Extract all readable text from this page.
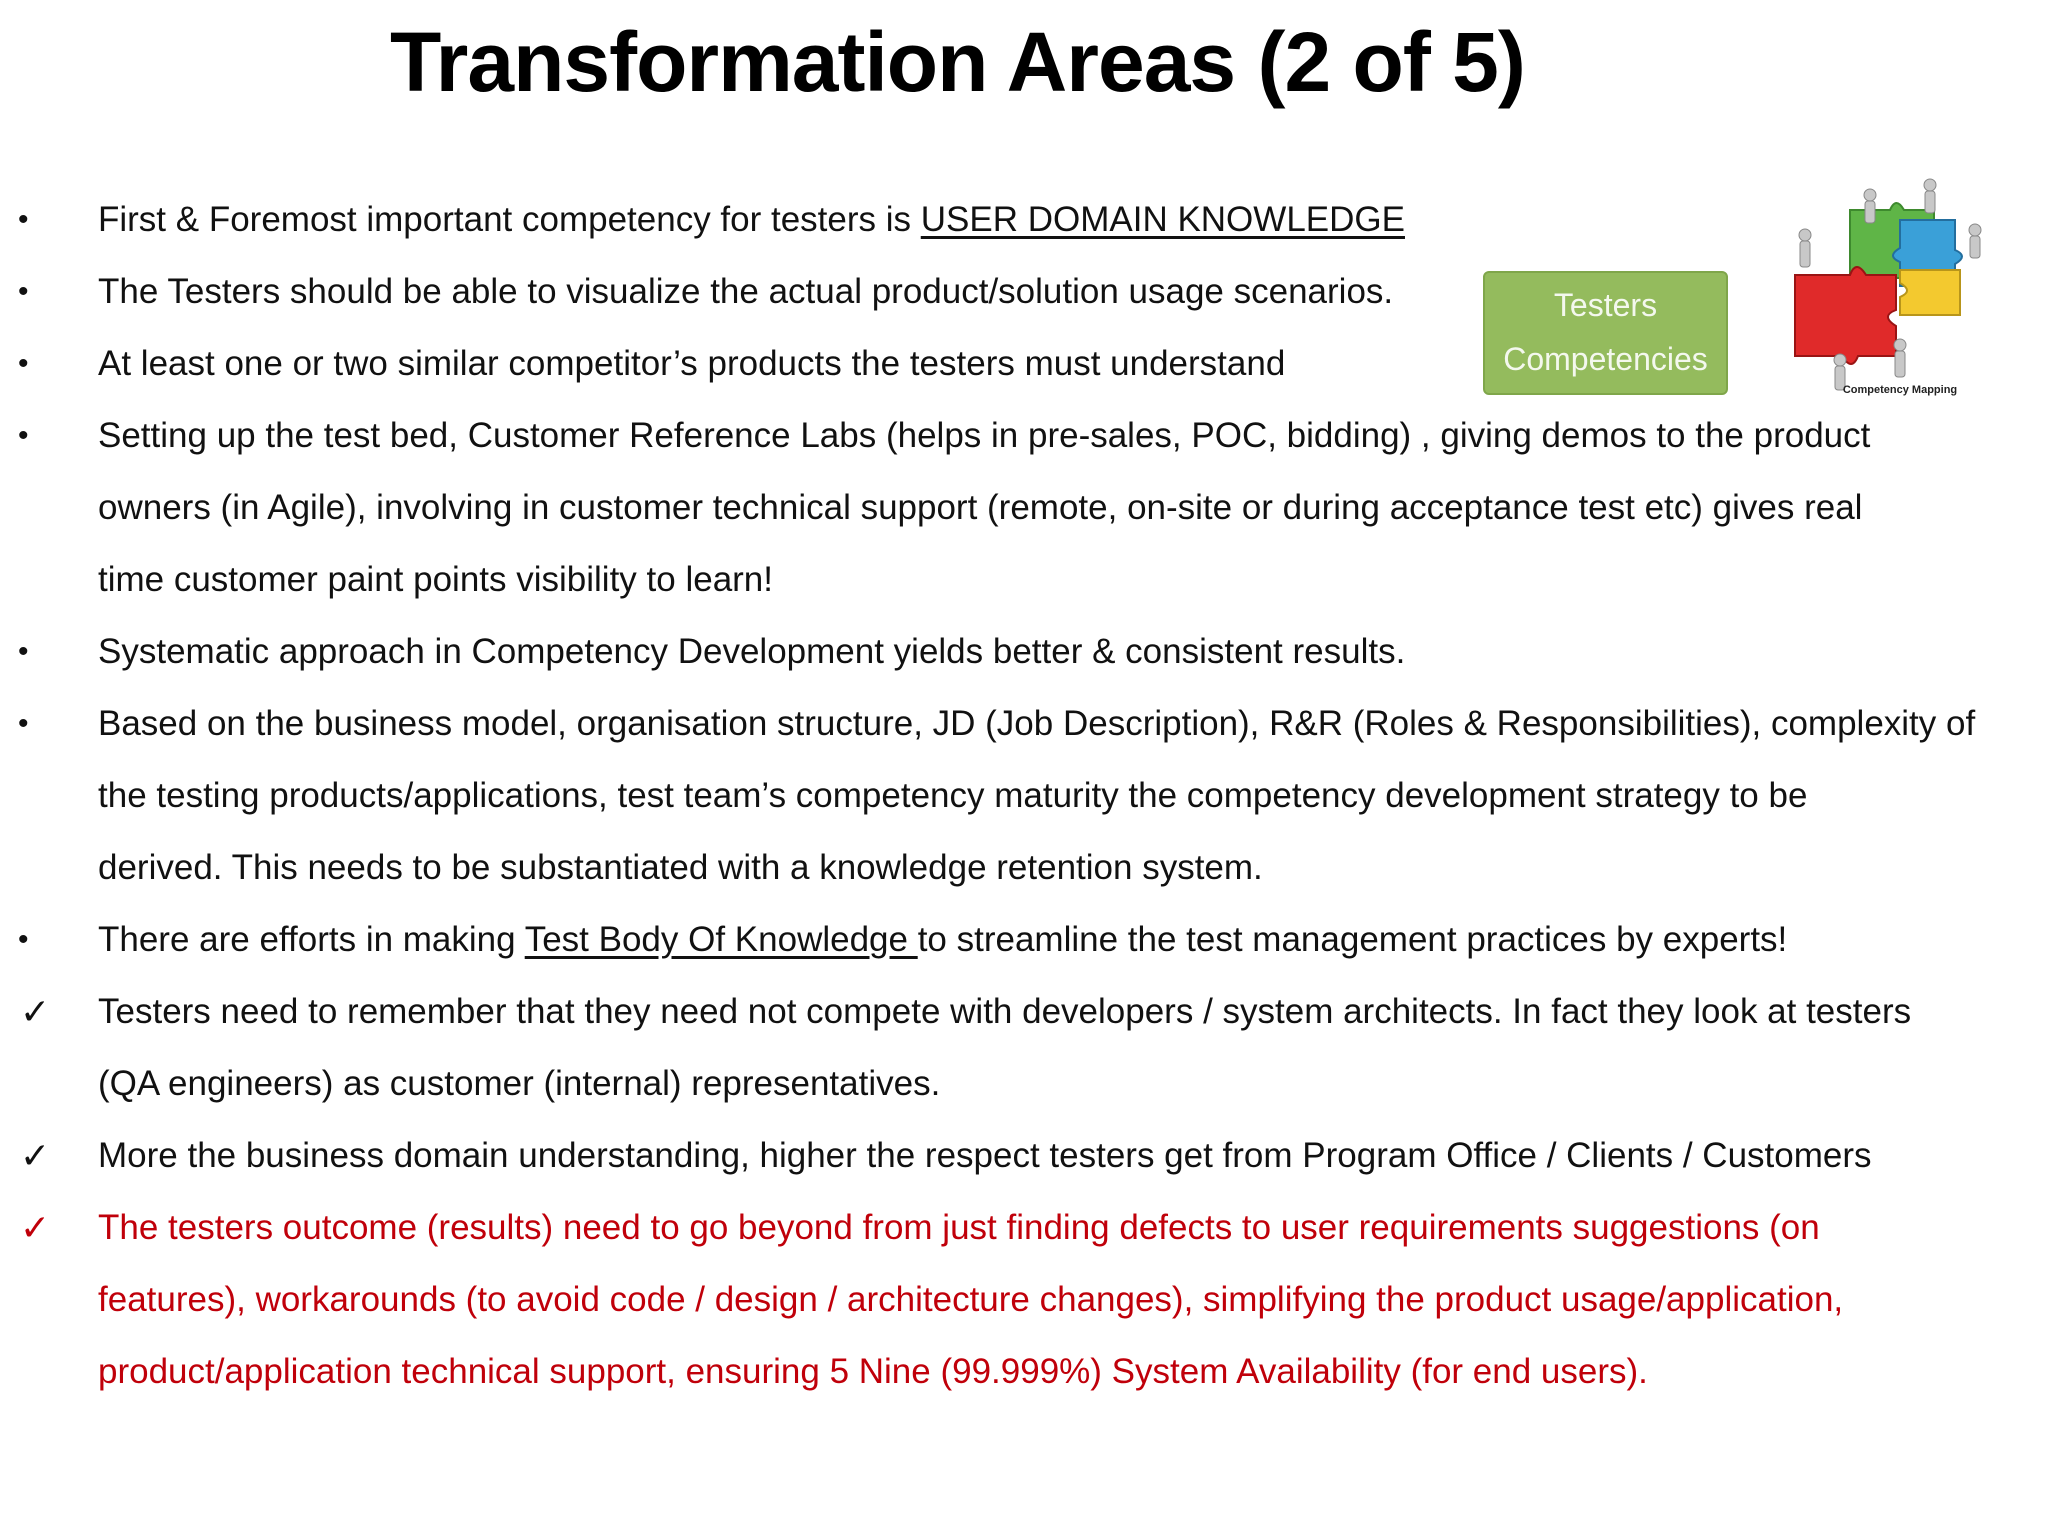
Transformation Areas (2 of 5)
• First & Foremost important competency for testers is USER DOMAIN KNOWLEDGE
• The Testers should be able to visualize the actual product/solution usage scenarios.
• At least one or two similar competitor’s products the testers must understand
• Setting up the test bed, Customer Reference Labs (helps in pre-sales, POC, bidding) , giving demos to the product
owners (in Agile), involving in customer technical support (remote, on-site or during acceptance test etc) gives real
time customer paint points visibility to learn!
• Systematic approach in Competency Development yields better & consistent results.
• Based on the business model, organisation structure, JD (Job Description), R&R (Roles & Responsibilities), complexity of
the testing products/applications, test team’s competency maturity the competency development strategy to be
derived. This needs to be substantiated with a knowledge retention system.
• There are efforts in making Test Body Of Knowledge to streamline the test management practices by experts!
✓ Testers need to remember that they need not compete with developers / system architects. In fact they look at testers
(QA engineers) as customer (internal) representatives.
✓ More the business domain understanding, higher the respect testers get from Program Office / Clients / Customers
✓ The testers outcome (results) need to go beyond from just finding defects to user requirements suggestions (on
features), workarounds (to avoid code / design / architecture changes), simplifying the product usage/application,
product/application technical support, ensuring 5 Nine (99.999%) System Availability (for end users).
Testers
Competencies
Competency Mapping
